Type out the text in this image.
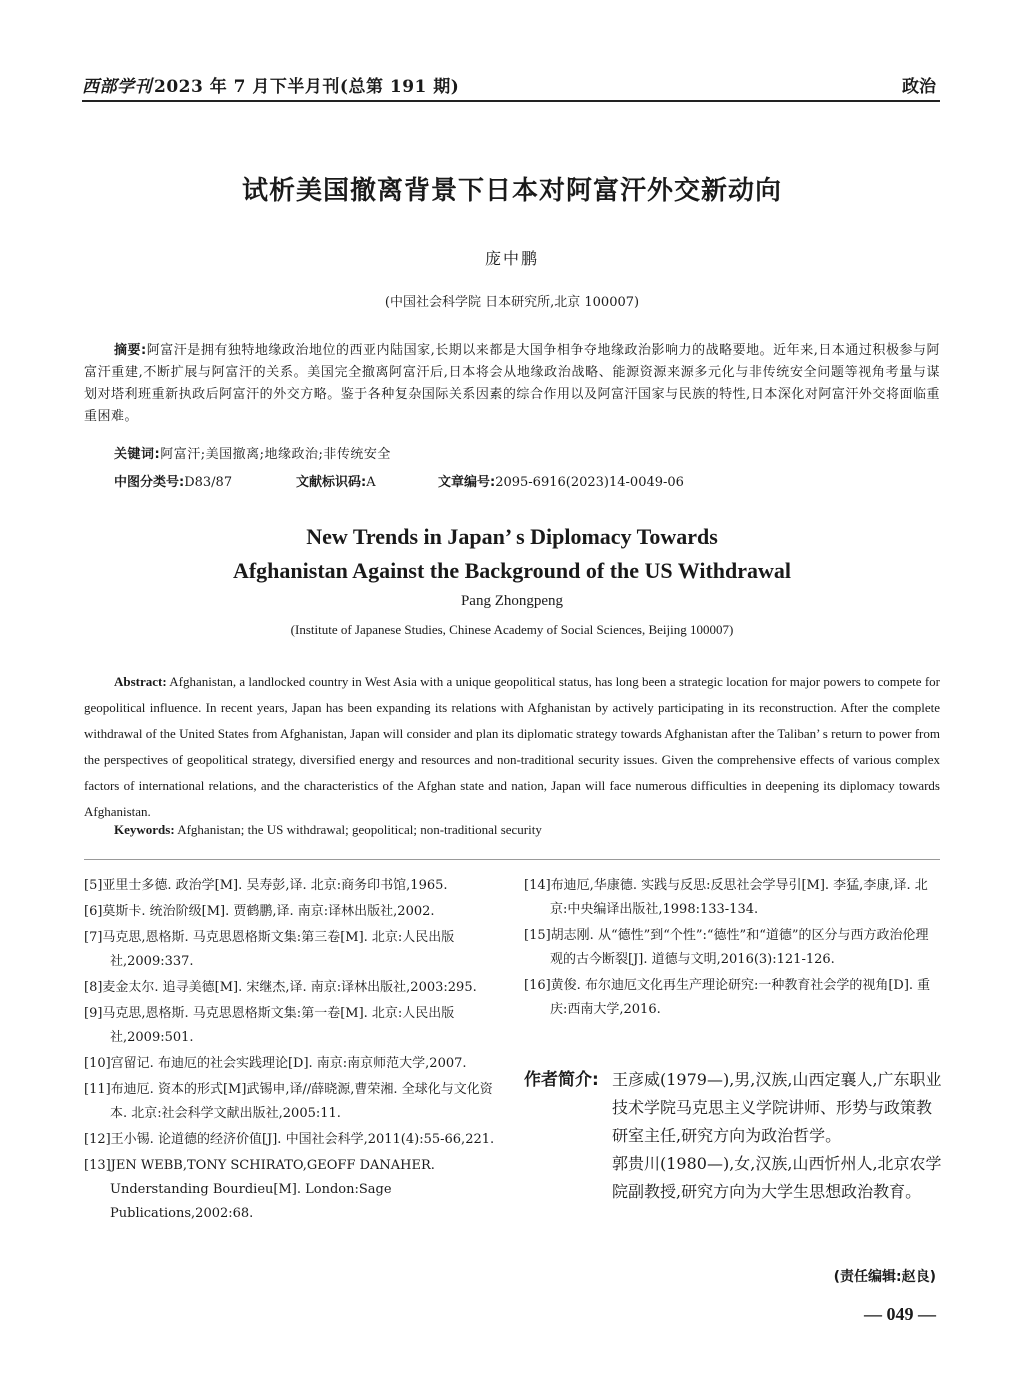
西部学刊 2023 年 7 月下半月刊(总第 191 期)	政治
试析美国撤离背景下日本对阿富汗外交新动向
庞中鹏
(中国社会科学院 日本研究所,北京 100007)
摘要:阿富汗是拥有独特地缘政治地位的西亚内陆国家,长期以来都是大国争相争夺地缘政治影响力的战略要地。近年来,日本通过积极参与阿富汗重建,不断扩展与阿富汗的关系。美国完全撤离阿富汗后,日本将会从地缘政治战略、能源资源来源多元化与非传统安全问题等视角考量与谋划对塔利班重新执政后阿富汗的外交方略。鉴于各种复杂国际关系因素的综合作用以及阿富汗国家与民族的特性,日本深化对阿富汗外交将面临重重困难。
关键词:阿富汗;美国撤离;地缘政治;非传统安全
中图分类号:D83/87	文献标识码:A	文章编号:2095-6916(2023)14-0049-06
New Trends in Japan’ s Diplomacy Towards
Afghanistan Against the Background of the US Withdrawal
Pang Zhongpeng
(Institute of Japanese Studies, Chinese Academy of Social Sciences, Beijing 100007)
Abstract: Afghanistan, a landlocked country in West Asia with a unique geopolitical status, has long been a strategic location for major powers to compete for geopolitical influence. In recent years, Japan has been expanding its relations with Afghanistan by actively participating in its reconstruction. After the complete withdrawal of the United States from Afghanistan, Japan will consider and plan its diplomatic strategy towards Afghanistan after the Taliban’ s return to power from the perspectives of geopolitical strategy, diversified energy and resources and non-traditional security issues. Given the comprehensive effects of various complex factors of international relations, and the characteristics of the Afghan state and nation, Japan will face numerous difficulties in deepening its diplomacy towards Afghanistan.
Keywords: Afghanistan; the US withdrawal; geopolitical; non-traditional security

[5]亚里士多德. 政治学[M]. 吴寿彭,译. 北京:商务印书馆,1965.

[6]莫斯卡. 统治阶级[M]. 贾鹤鹏,译. 南京:译林出版社,2002.

[7]马克思,恩格斯. 马克思恩格斯文集:第三卷[M]. 北京:人民出版社,2009:337.

[8]麦金太尔. 追寻美德[M]. 宋继杰,译. 南京:译林出版社,2003:295.

[9]马克思,恩格斯. 马克思恩格斯文集:第一卷[M]. 北京:人民出版社,2009:501.

[10]宫留记. 布迪厄的社会实践理论[D]. 南京:南京师范大学,2007.

[11]布迪厄. 资本的形式[M]武锡申,译//薛晓源,曹荣湘. 全球化与文化资本. 北京:社会科学文献出版社,2005:11.

[12]王小锡. 论道德的经济价值[J]. 中国社会科学,2011(4):55-66,221.

[13]JEN WEBB,TONY SCHIRATO,GEOFF DANAHER. Understanding Bourdieu[M]. London:Sage Publications,2002:68.

[14]布迪厄,华康德. 实践与反思:反思社会学导引[M]. 李猛,李康,译. 北京:中央编译出版社,1998:133-134.

[15]胡志刚. 从“德性”到“个性”:“德性”和“道德”的区分与西方政治伦理观的古今断裂[J]. 道德与文明,2016(3):121-126.

[16]黄俊. 布尔迪厄文化再生产理论研究:一种教育社会学的视角[D]. 重庆:西南大学,2016.

作者简介: 王彦威(1979—),男,汉族,山西定襄人,广东职业技术学院马克思主义学院讲师、形势与政策教研室主任,研究方向为政治哲学。

郭贵川(1980—),女,汉族,山西忻州人,北京农学院副教授,研究方向为大学生思想政治教育。

(责任编辑:赵良)
— 049 —
